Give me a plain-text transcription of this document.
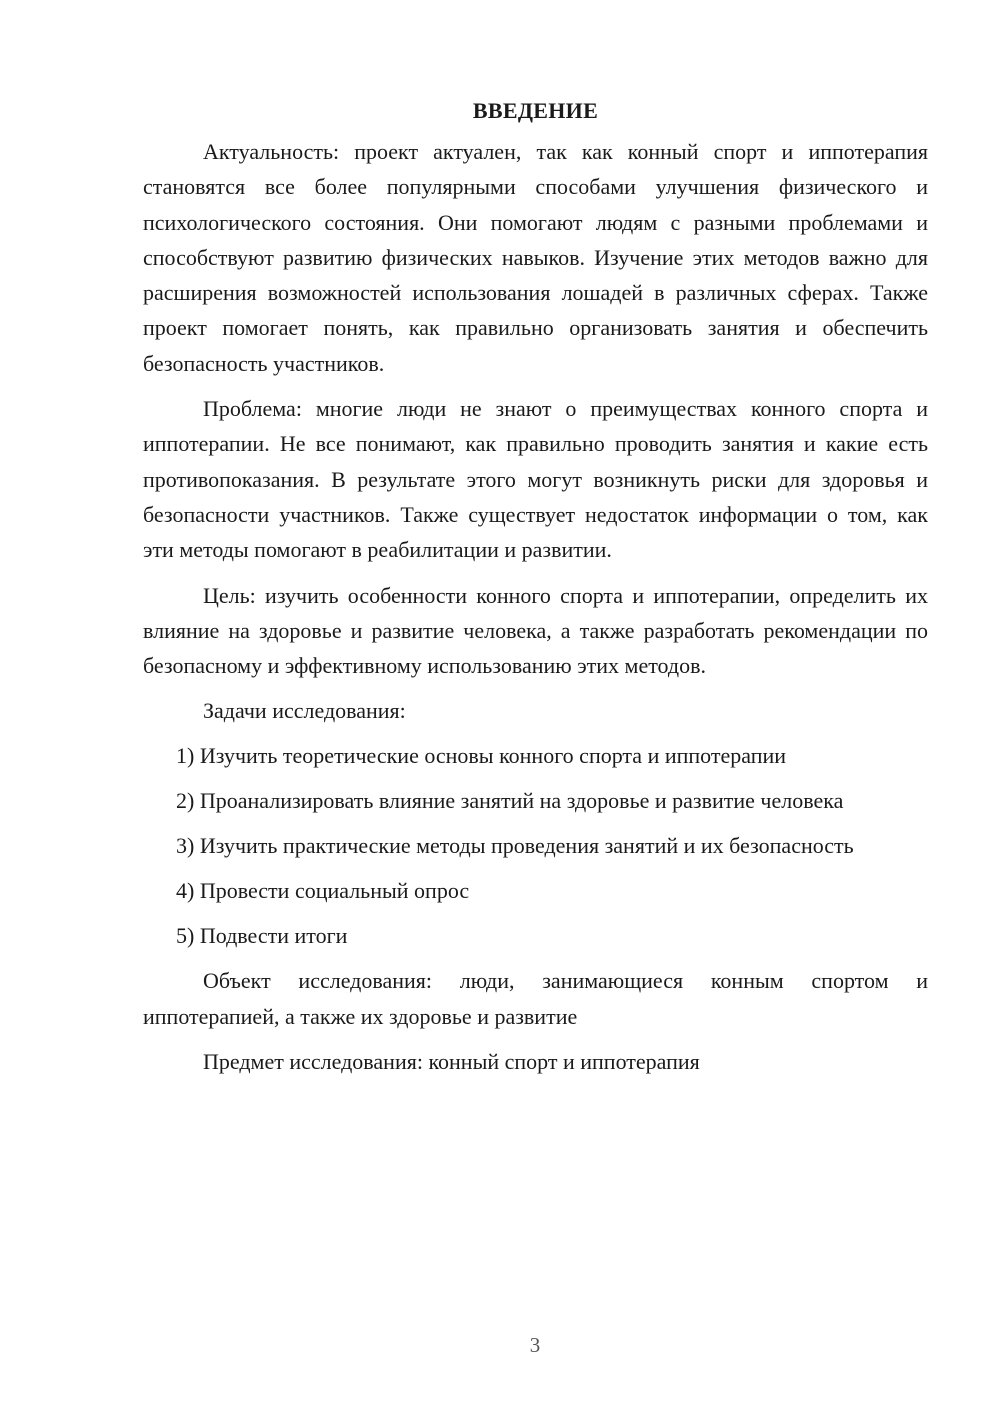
ВВЕДЕНИЕ

Актуальность: проект актуален, так как конный спорт и иппотерапия становятся все более популярными способами улучшения физического и психологического состояния. Они помогают людям с разными проблемами и способствуют развитию физических навыков. Изучение этих методов важно для расширения возможностей использования лошадей в различных сферах. Также проект помогает понять, как правильно организовать занятия и обеспечить безопасность участников.

Проблема: многие люди не знают о преимуществах конного спорта и иппотерапии. Не все понимают, как правильно проводить занятия и какие есть противопоказания. В результате этого могут возникнуть риски для здоровья и безопасности участников. Также существует недостаток информации о том, как эти методы помогают в реабилитации и развитии.

Цель: изучить особенности конного спорта и иппотерапии, определить их влияние на здоровье и развитие человека, а также разработать рекомендации по безопасному и эффективному использованию этих методов.

Задачи исследования:

1) Изучить теоретические основы конного спорта и иппотерапии

2) Проанализировать влияние занятий на здоровье и развитие человека

3) Изучить практические методы проведения занятий и их безопасность

4) Провести социальный опрос

5) Подвести итоги

Объект исследования: люди, занимающиеся конным спортом и иппотерапией, а также их здоровье и развитие

Предмет исследования: конный спорт и иппотерапия

3
